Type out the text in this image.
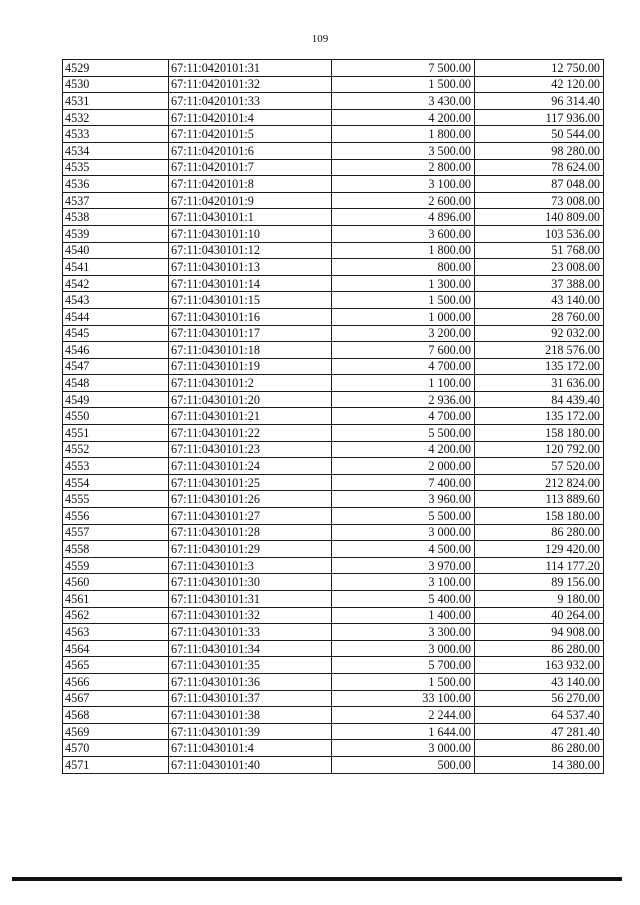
109
4529	67:11:0420101:31	7 500.00	12 750.00
4530	67:11:0420101:32	1 500.00	42 120.00
4531	67:11:0420101:33	3 430.00	96 314.40
4532	67:11:0420101:4	4 200.00	117 936.00
4533	67:11:0420101:5	1 800.00	50 544.00
4534	67:11:0420101:6	3 500.00	98 280.00
4535	67:11:0420101:7	2 800.00	78 624.00
4536	67:11:0420101:8	3 100.00	87 048.00
4537	67:11:0420101:9	2 600.00	73 008.00
4538	67:11:0430101:1	4 896.00	140 809.00
4539	67:11:0430101:10	3 600.00	103 536.00
4540	67:11:0430101:12	1 800.00	51 768.00
4541	67:11:0430101:13	800.00	23 008.00
4542	67:11:0430101:14	1 300.00	37 388.00
4543	67:11:0430101:15	1 500.00	43 140.00
4544	67:11:0430101:16	1 000.00	28 760.00
4545	67:11:0430101:17	3 200.00	92 032.00
4546	67:11:0430101:18	7 600.00	218 576.00
4547	67:11:0430101:19	4 700.00	135 172.00
4548	67:11:0430101:2	1 100.00	31 636.00
4549	67:11:0430101:20	2 936.00	84 439.40
4550	67:11:0430101:21	4 700.00	135 172.00
4551	67:11:0430101:22	5 500.00	158 180.00
4552	67:11:0430101:23	4 200.00	120 792.00
4553	67:11:0430101:24	2 000.00	57 520.00
4554	67:11:0430101:25	7 400.00	212 824.00
4555	67:11:0430101:26	3 960.00	113 889.60
4556	67:11:0430101:27	5 500.00	158 180.00
4557	67:11:0430101:28	3 000.00	86 280.00
4558	67:11:0430101:29	4 500.00	129 420.00
4559	67:11:0430101:3	3 970.00	114 177.20
4560	67:11:0430101:30	3 100.00	89 156.00
4561	67:11:0430101:31	5 400.00	9 180.00
4562	67:11:0430101:32	1 400.00	40 264.00
4563	67:11:0430101:33	3 300.00	94 908.00
4564	67:11:0430101:34	3 000.00	86 280.00
4565	67:11:0430101:35	5 700.00	163 932.00
4566	67:11:0430101:36	1 500.00	43 140.00
4567	67:11:0430101:37	33 100.00	56 270.00
4568	67:11:0430101:38	2 244.00	64 537.40
4569	67:11:0430101:39	1 644.00	47 281.40
4570	67:11:0430101:4	3 000.00	86 280.00
4571	67:11:0430101:40	500.00	14 380.00
